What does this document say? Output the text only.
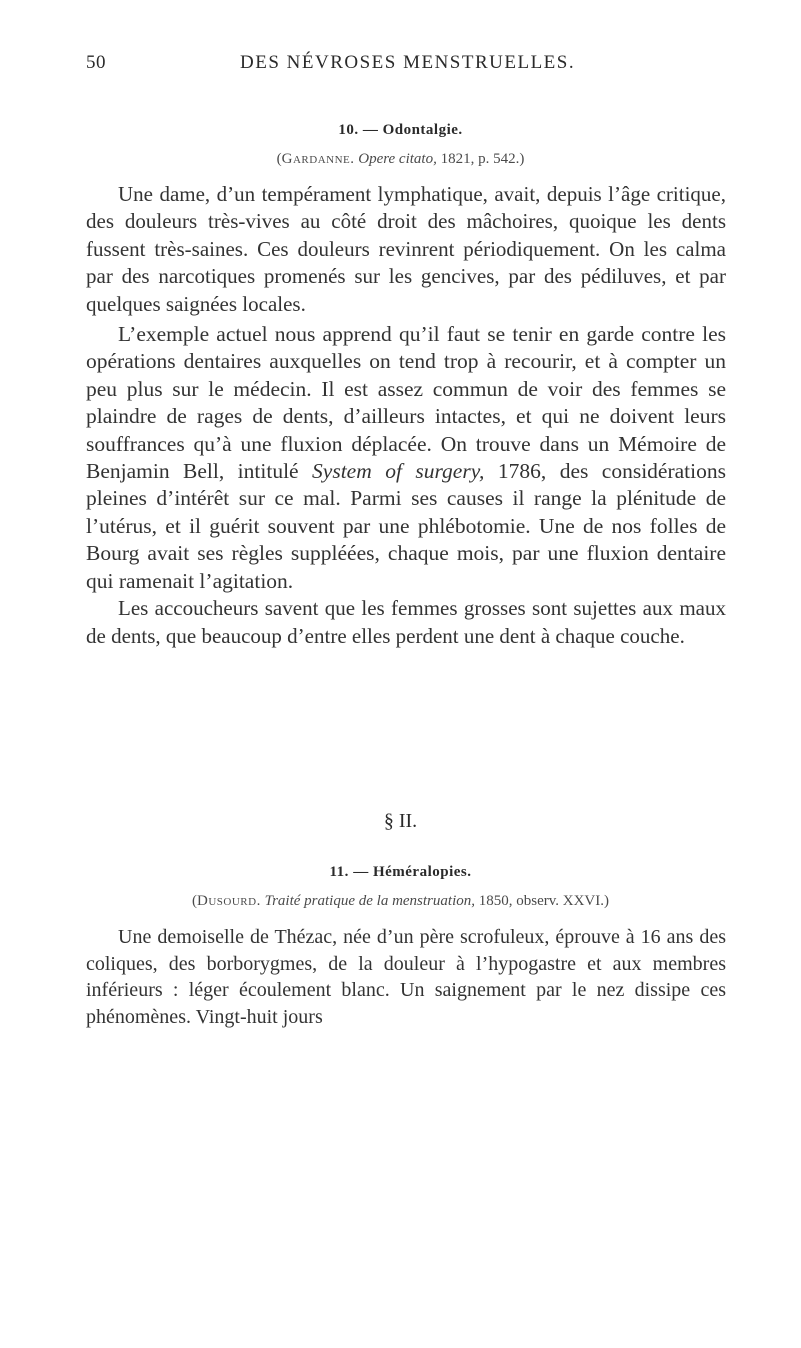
50	DES NÉVROSES MENSTRUELLES.
10. — Odontalgie.
(Gardanne. Opere citato, 1821, p. 542.)

Une dame, d’un tempérament lymphatique, avait, depuis l’âge critique, des douleurs très-vives au côté droit des mâchoires, quoique les dents fussent très-saines. Ces douleurs revinrent périodiquement. On les calma par des narcotiques promenés sur les gencives, par des pédiluves, et par quelques saignées locales.

L’exemple actuel nous apprend qu’il faut se tenir en garde contre les opérations dentaires auxquelles on tend trop à recourir, et à compter un peu plus sur le médecin. Il est assez commun de voir des femmes se plaindre de rages de dents, d’ailleurs intactes, et qui ne doivent leurs souffrances qu’à une fluxion déplacée. On trouve dans un Mémoire de Benjamin Bell, intitulé System of surgery, 1786, des considérations pleines d’intérêt sur ce mal. Parmi ses causes il range la plénitude de l’utérus, et il guérit souvent par une phlébotomie. Une de nos folles de Bourg avait ses règles suppléées, chaque mois, par une fluxion dentaire qui ramenait l’agitation.

Les accoucheurs savent que les femmes grosses sont sujettes aux maux de dents, que beaucoup d’entre elles perdent une dent à chaque couche.

§ II.
11. — Héméralopies.
(Dusourd. Traité pratique de la menstruation, 1850, observ. XXVI.)

Une demoiselle de Thézac, née d’un père scrofuleux, éprouve à 16 ans des coliques, des borborygmes, de la douleur à l’hypogastre et aux membres inférieurs : léger écoulement blanc. Un saignement par le nez dissipe ces phénomènes. Vingt-huit jours
